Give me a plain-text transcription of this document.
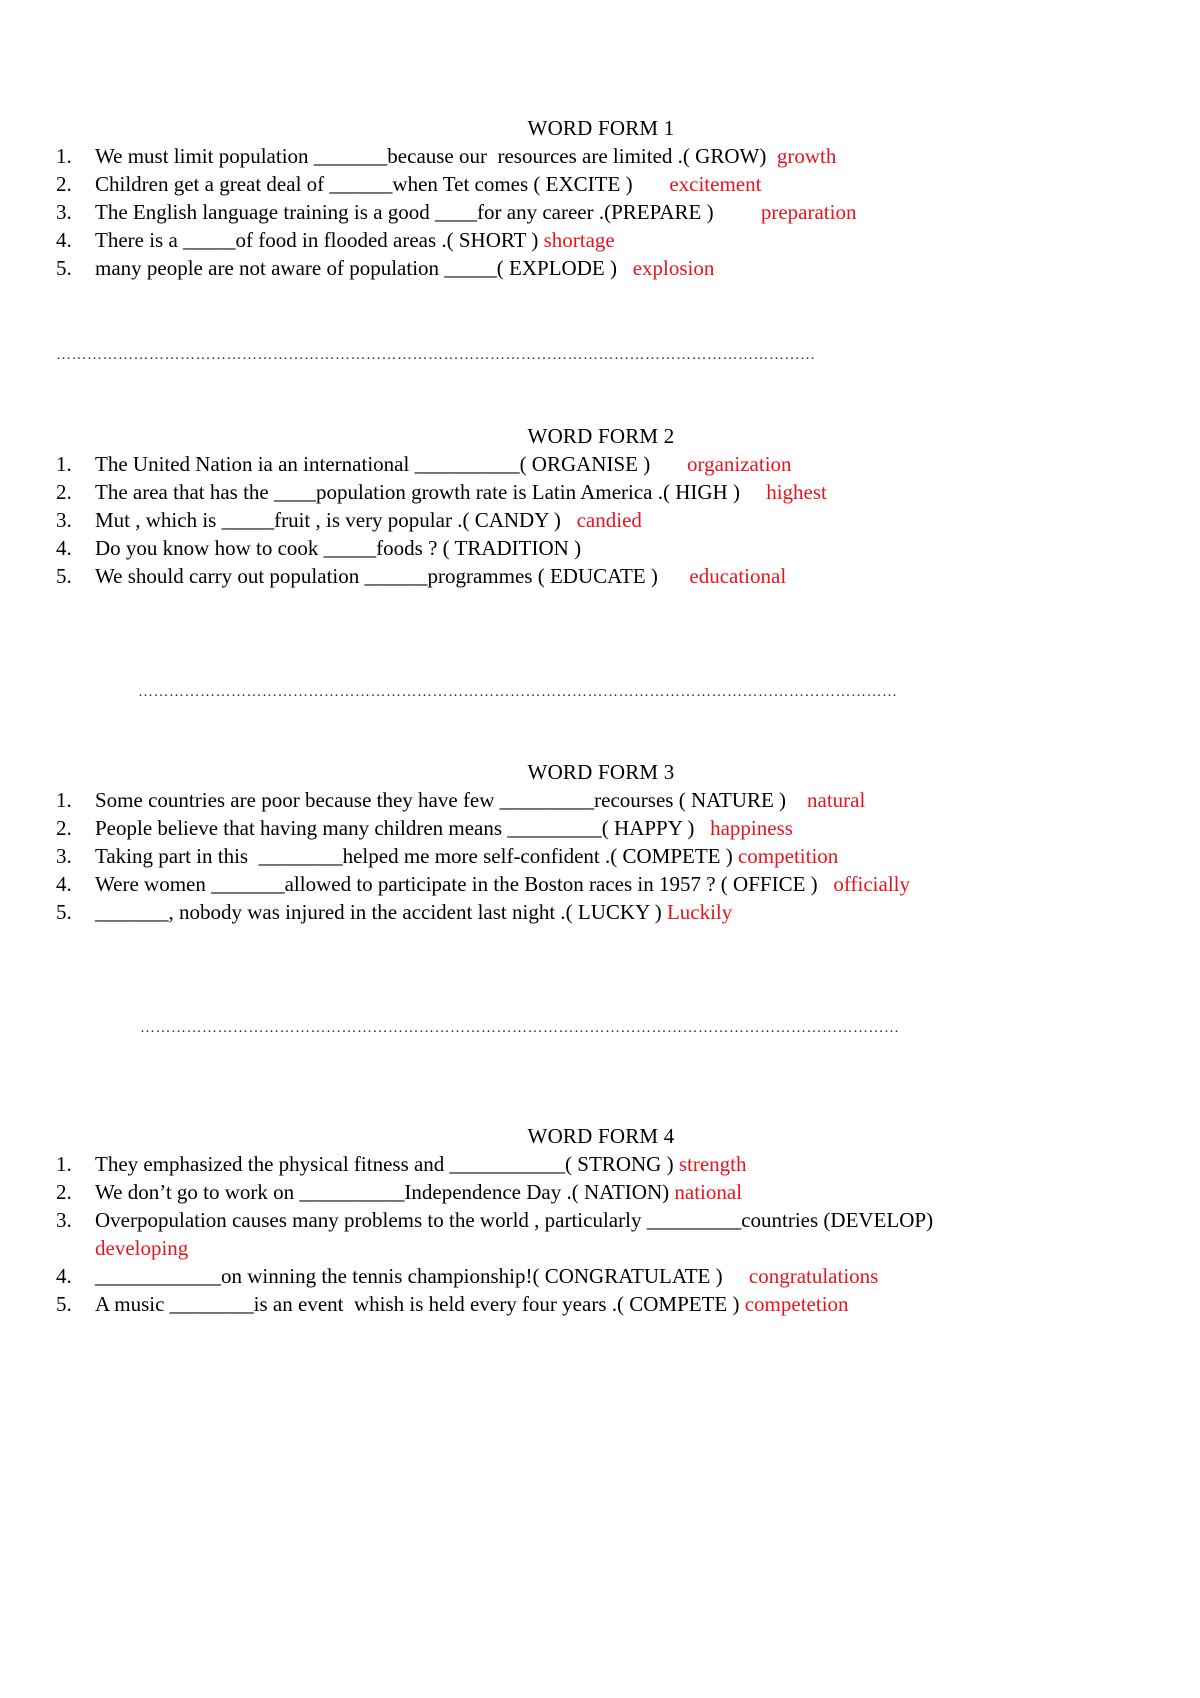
WORD FORM 1
1.	We must limit population _______because our  resources are limited .( GROW)  growth
2.	Children get a great deal of ______when Tet comes ( EXCITE )       excitement
3.	The English language training is a good ____for any career .(PREPARE )         preparation
4.	There is a _____of food in flooded areas .( SHORT ) shortage
5.	many people are not aware of population _____( EXPLODE )   explosion
…………………………………………………………………………………………………………………………………
WORD FORM 2
1.	The United Nation ia an international __________( ORGANISE )       organization
2.	The area that has the ____population growth rate is Latin America .( HIGH )     highest
3.	Mut , which is _____fruit , is very popular .( CANDY )   candied
4.	Do you know how to cook _____foods ? ( TRADITION )
5.	We should carry out population ______programmes ( EDUCATE )      educational
…………………………………………………………………………………………………………………………………
WORD FORM 3
1.	Some countries are poor because they have few _________recourses ( NATURE )    natural
2.	People believe that having many children means _________( HAPPY )   happiness
3.	Taking part in this  ________helped me more self-confident .( COMPETE ) competition
4.	Were women _______allowed to participate in the Boston races in 1957 ? ( OFFICE )   officially
5.	_______, nobody was injured in the accident last night .( LUCKY ) Luckily
…………………………………………………………………………………………………………………………………
WORD FORM 4
1.	They emphasized the physical fitness and ___________( STRONG ) strength
2.	We don’t go to work on __________Independence Day .( NATION) national
3.	Overpopulation causes many problems to the world , particularly _________countries (DEVELOP)
developing
4.	____________on winning the tennis championship!( CONGRATULATE )     congratulations
5.	A music ________is an event  whish is held every four years .( COMPETE ) competetion
